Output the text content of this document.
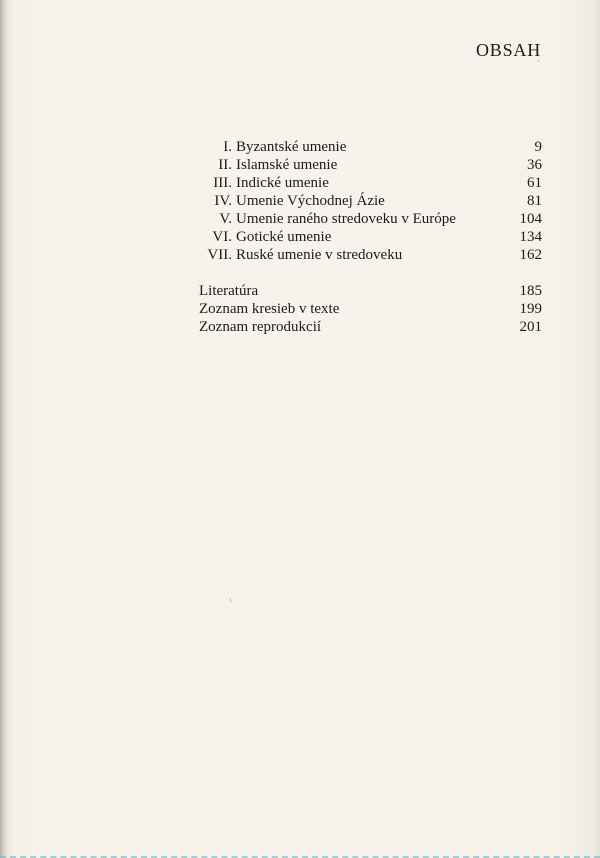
OBSAH
I. Byzantské umenie	9
II. Islamské umenie	36
III. Indické umenie	61
IV. Umenie Východnej Ázie	81
V. Umenie raného stredoveku v Európe	104
VI. Gotické umenie	134
VII. Ruské umenie v stredoveku	162
Literatúra	185
Zoznam kresieb v texte	199
Zoznam reprodukcií	201
